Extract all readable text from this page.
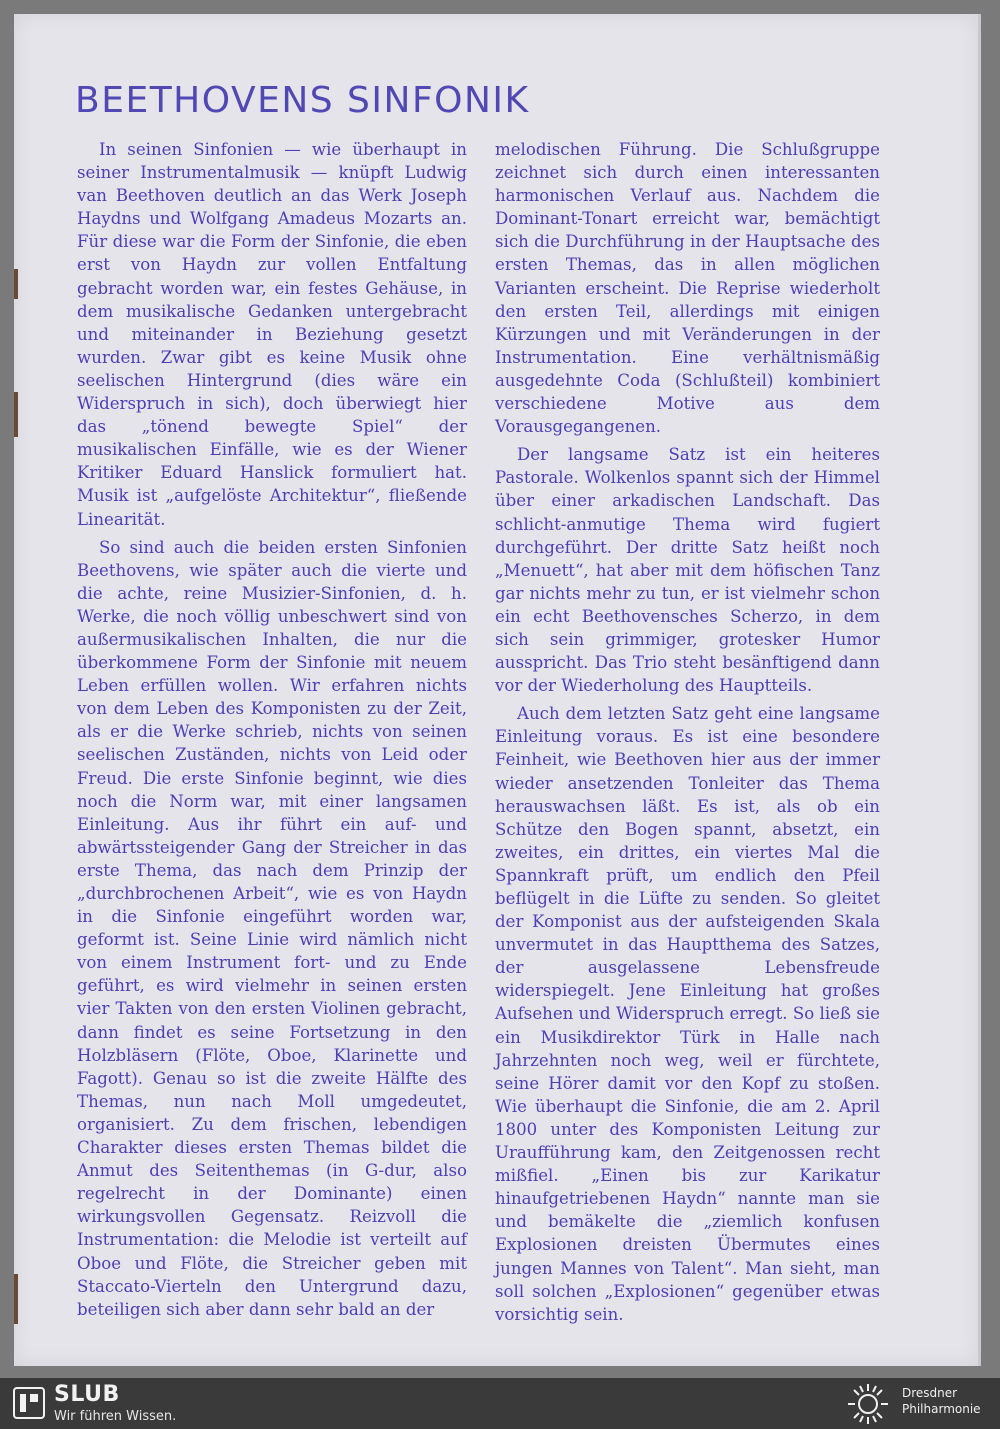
BEETHOVENS SINFONIK

In seinen Sinfonien — wie überhaupt in seiner Instrumentalmusik — knüpft Ludwig van Beethoven deutlich an das Werk Joseph Haydns und Wolfgang Amadeus Mozarts an. Für diese war die Form der Sinfonie, die eben erst von Haydn zur vollen Entfaltung gebracht worden war, ein festes Gehäuse, in dem musikalische Gedanken untergebracht und miteinander in Beziehung gesetzt wurden. Zwar gibt es keine Musik ohne seelischen Hintergrund (dies wäre ein Widerspruch in sich), doch überwiegt hier das „tönend bewegte Spiel“ der musikalischen Einfälle, wie es der Wiener Kritiker Eduard Hanslick formuliert hat. Musik ist „aufgelöste Architektur“, fließende Linearität.

So sind auch die beiden ersten Sinfonien Beethovens, wie später auch die vierte und die achte, reine Musizier-Sinfonien, d. h. Werke, die noch völlig unbeschwert sind von außermusikalischen Inhalten, die nur die überkommene Form der Sinfonie mit neuem Leben erfüllen wollen. Wir erfahren nichts von dem Leben des Komponisten zu der Zeit, als er die Werke schrieb, nichts von seinen seelischen Zuständen, nichts von Leid oder Freud. Die erste Sinfonie beginnt, wie dies noch die Norm war, mit einer langsamen Einleitung. Aus ihr führt ein auf- und abwärtssteigender Gang der Streicher in das erste Thema, das nach dem Prinzip der „durchbrochenen Arbeit“, wie es von Haydn in die Sinfonie eingeführt worden war, geformt ist. Seine Linie wird nämlich nicht von einem Instrument fort- und zu Ende geführt, es wird vielmehr in seinen ersten vier Takten von den ersten Violinen gebracht, dann findet es seine Fortsetzung in den Holzbläsern (Flöte, Oboe, Klarinette und Fagott). Genau so ist die zweite Hälfte des Themas, nun nach Moll umgedeutet, organisiert. Zu dem frischen, lebendigen Charakter dieses ersten Themas bildet die Anmut des Seitenthemas (in G-dur, also regelrecht in der Dominante) einen wirkungsvollen Gegensatz. Reizvoll die Instrumentation: die Melodie ist verteilt auf Oboe und Flöte, die Streicher geben mit Staccato-Vierteln den Untergrund dazu, beteiligen sich aber dann sehr bald an der

melodischen Führung. Die Schlußgruppe zeichnet sich durch einen interessanten harmonischen Verlauf aus. Nachdem die Dominant-Tonart erreicht war, bemächtigt sich die Durchführung in der Hauptsache des ersten Themas, das in allen möglichen Varianten erscheint. Die Reprise wiederholt den ersten Teil, allerdings mit einigen Kürzungen und mit Veränderungen in der Instrumentation. Eine verhältnismäßig ausgedehnte Coda (Schlußteil) kombiniert verschiedene Motive aus dem Vorausgegangenen.

Der langsame Satz ist ein heiteres Pastorale. Wolkenlos spannt sich der Himmel über einer arkadischen Landschaft. Das schlicht-anmutige Thema wird fugiert durchgeführt. Der dritte Satz heißt noch „Menuett“, hat aber mit dem höfischen Tanz gar nichts mehr zu tun, er ist vielmehr schon ein echt Beethovensches Scherzo, in dem sich sein grimmiger, grotesker Humor ausspricht. Das Trio steht besänftigend dann vor der Wiederholung des Hauptteils.

Auch dem letzten Satz geht eine langsame Einleitung voraus. Es ist eine besondere Feinheit, wie Beethoven hier aus der immer wieder ansetzenden Tonleiter das Thema herauswachsen läßt. Es ist, als ob ein Schütze den Bogen spannt, absetzt, ein zweites, ein drittes, ein viertes Mal die Spannkraft prüft, um endlich den Pfeil beflügelt in die Lüfte zu senden. So gleitet der Komponist aus der aufsteigenden Skala unvermutet in das Hauptthema des Satzes, der ausgelassene Lebensfreude widerspiegelt. Jene Einleitung hat großes Aufsehen und Widerspruch erregt. So ließ sie ein Musikdirektor Türk in Halle nach Jahrzehnten noch weg, weil er fürchtete, seine Hörer damit vor den Kopf zu stoßen. Wie überhaupt die Sinfonie, die am 2. April 1800 unter des Komponisten Leitung zur Uraufführung kam, den Zeitgenossen recht mißfiel. „Einen bis zur Karikatur hinaufgetriebenen Haydn“ nannte man sie und bemäkelte die „ziemlich konfusen Explosionen dreisten Übermutes eines jungen Mannes von Talent“. Man sieht, man soll solchen „Explosionen“ gegenüber etwas vorsichtig sein.

SLUB
Wir führen Wissen.
Dresdner
Philharmonie
